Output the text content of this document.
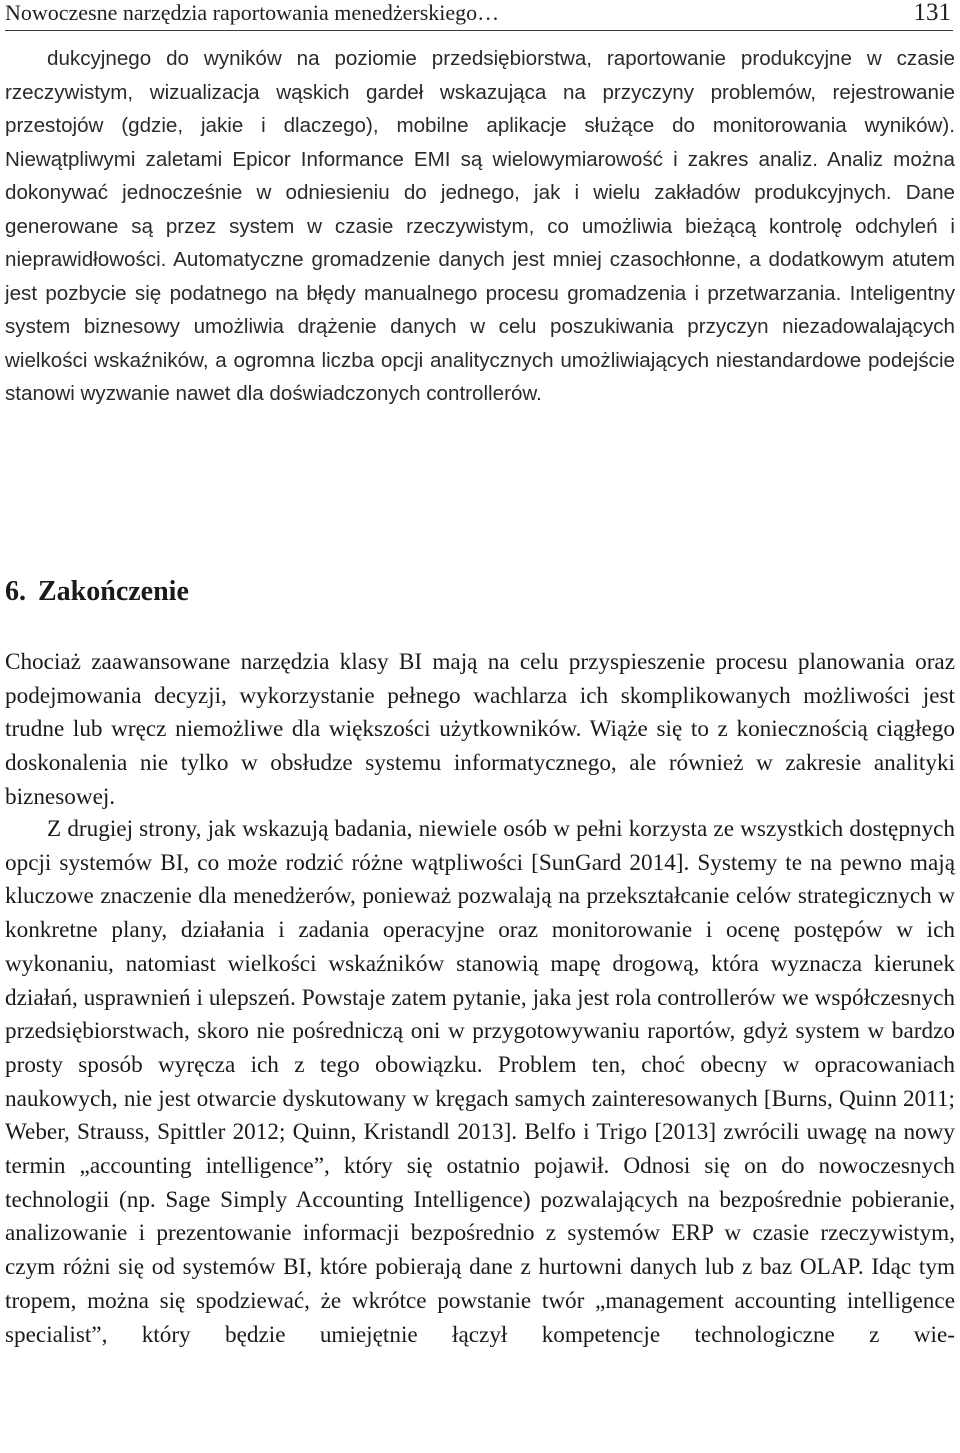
Nowoczesne narzędzia raportowania menedżerskiego…	131

dukcyjnego do wyników na poziomie przedsiębiorstwa, raportowanie produkcyjne w czasie rzeczywistym, wizualizacja wąskich gardeł wskazująca na przyczyny problemów, rejestrowanie przestojów (gdzie, jakie i dlaczego), mobilne aplikacje służące do monitorowania wyników). Niewątpliwymi zaletami Epicor Informance EMI są wielowymiarowość i zakres analiz. Analiz można dokonywać jednocześnie w odniesieniu do jednego, jak i wielu zakładów produkcyjnych. Dane generowane są przez system w czasie rzeczywistym, co umożliwia bieżącą kontrolę odchyleń i nieprawidłowości. Automatyczne gromadzenie danych jest mniej czasochłonne, a dodatkowym atutem jest pozbycie się podatnego na błędy manualnego procesu gromadzenia i przetwarzania. Inteligentny system biznesowy umożliwia drążenie danych w celu poszukiwania przyczyn niezadowalających wielkości wskaźników, a ogromna liczba opcji analitycznych umożliwiających niestandardowe podejście stanowi wyzwanie nawet dla doświadczonych controllerów.

6. Zakończenie

Chociaż zaawansowane narzędzia klasy BI mają na celu przyspieszenie procesu planowania oraz podejmowania decyzji, wykorzystanie pełnego wachlarza ich skomplikowanych możliwości jest trudne lub wręcz niemożliwe dla większości użytkowników. Wiąże się to z koniecznością ciągłego doskonalenia nie tylko w obsłudze systemu informatycznego, ale również w zakresie analityki biznesowej.

Z drugiej strony, jak wskazują badania, niewiele osób w pełni korzysta ze wszystkich dostępnych opcji systemów BI, co może rodzić różne wątpliwości [SunGard 2014]. Systemy te na pewno mają kluczowe znaczenie dla menedżerów, ponieważ pozwalają na przekształcanie celów strategicznych w konkretne plany, działania i zadania operacyjne oraz monitorowanie i ocenę postępów w ich wykonaniu, natomiast wielkości wskaźników stanowią mapę drogową, która wyznacza kierunek działań, usprawnień i ulepszeń. Powstaje zatem pytanie, jaka jest rola controllerów we współczesnych przedsiębiorstwach, skoro nie pośredniczą oni w przygotowywaniu raportów, gdyż system w bardzo prosty sposób wyręcza ich z tego obowiązku. Problem ten, choć obecny w opracowaniach naukowych, nie jest otwarcie dyskutowany w kręgach samych zainteresowanych [Burns, Quinn 2011; Weber, Strauss, Spittler 2012; Quinn, Kristandl 2013]. Belfo i Trigo [2013] zwrócili uwagę na nowy termin „accounting intelligence”, który się ostatnio pojawił. Odnosi się on do nowoczesnych technologii (np. Sage Simply Accounting Intelligence) pozwalających na bezpośrednie pobieranie, analizowanie i prezentowanie informacji bezpośrednio z systemów ERP w czasie rzeczywistym, czym różni się od systemów BI, które pobierają dane z hurtowni danych lub z baz OLAP. Idąc tym tropem, można się spodziewać, że wkrótce powstanie twór „management accounting intelligence specialist”, który będzie umiejętnie łączył kompetencje technologiczne z wie-
